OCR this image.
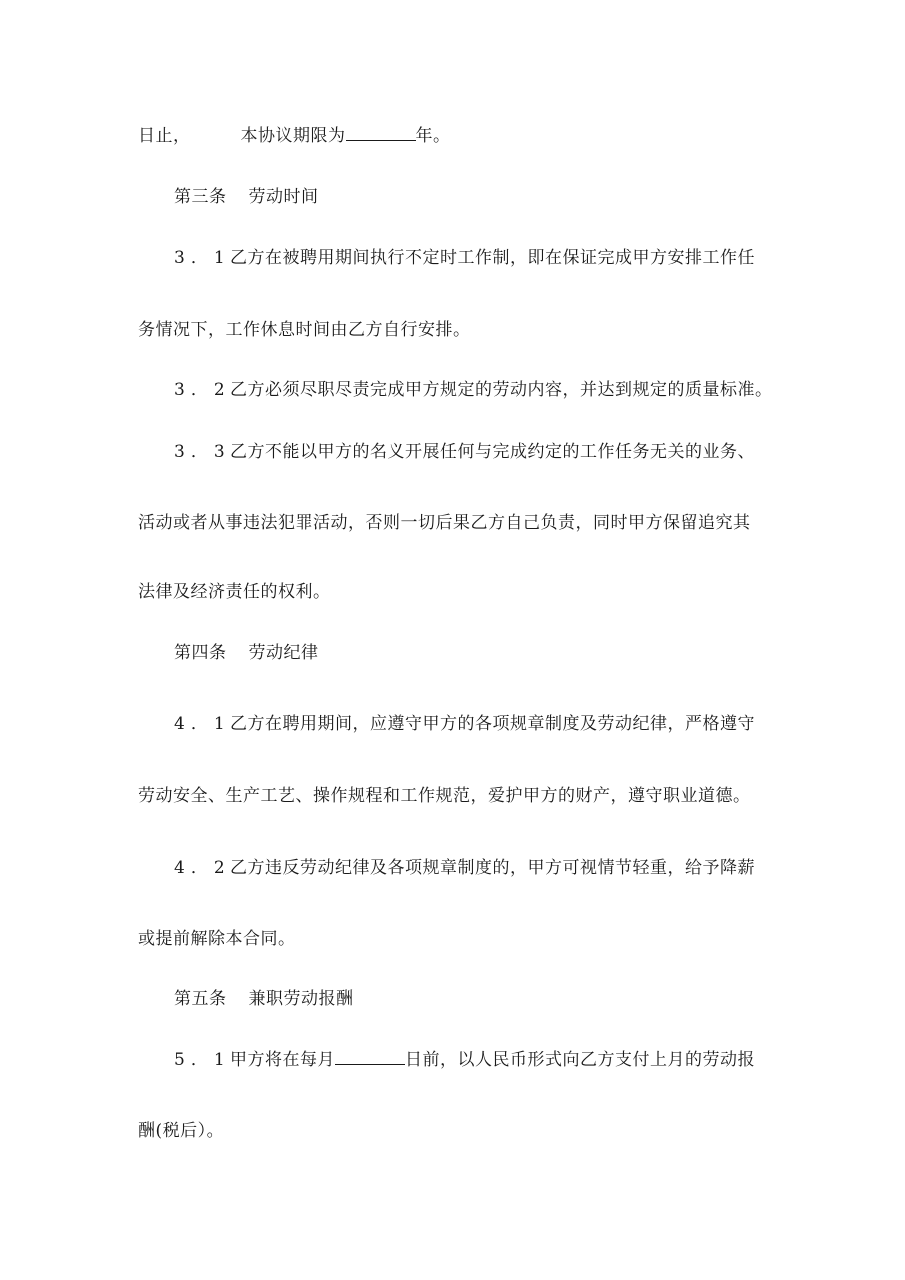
日止，	本协议期限为	年。
第三条 劳动时间
3．1乙方在被聘用期间执行不定时工作制，即在保证完成甲方安排工作任
务情况下，工作休息时间由乙方自行安排。
3．2乙方必须尽职尽责完成甲方规定的劳动内容，并达到规定的质量标准。
3．3乙方不能以甲方的名义开展任何与完成约定的工作任务无关的业务、
活动或者从事违法犯罪活动，否则一切后果乙方自己负责，同时甲方保留追究其
法律及经济责任的权利。
第四条 劳动纪律
4．1乙方在聘用期间，应遵守甲方的各项规章制度及劳动纪律，严格遵守
劳动安全、生产工艺、操作规程和工作规范，爱护甲方的财产，遵守职业道德。
4．2乙方违反劳动纪律及各项规章制度的，甲方可视情节轻重，给予降薪
或提前解除本合同。
第五条 兼职劳动报酬
5．1甲方将在每月	日前，以人民币形式向乙方支付上月的劳动报
酬(税后）。
